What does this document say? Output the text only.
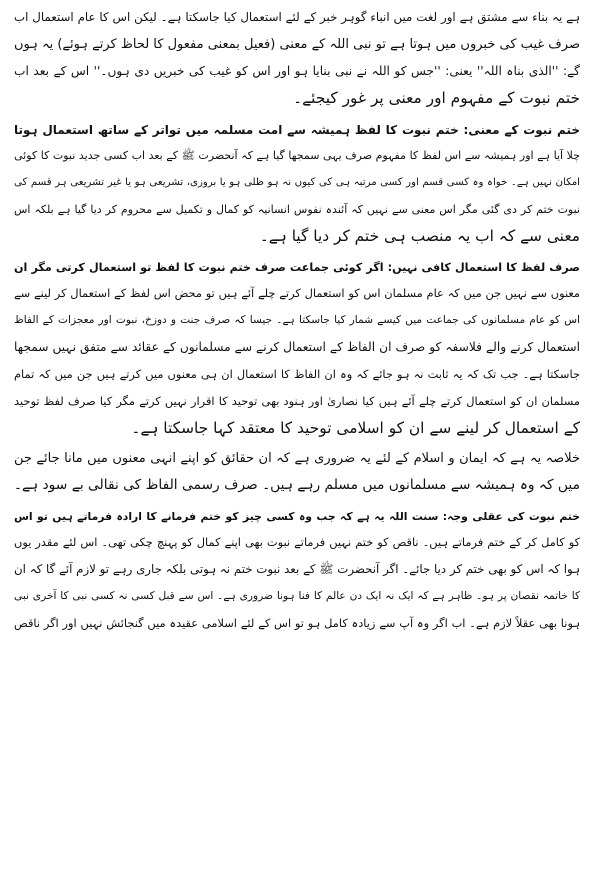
ہے یہ بناء سے مشتق ہے اور لغت میں انباء گوہر خبر کے لئے استعمال کیا جاسکتا ہے۔ لیکن اس کا عام استعمال اب
صرف غیب کی خبروں میں ہوتا ہے تو نبی اللہ کے معنی (فعیل بمعنی مفعول کا لحاظ کرتے ہوئے) یہ ہوں
گے: ''الذی بناہ اللہ'' یعنی: ''جس کو اللہ نے نبی بنایا ہو اور اس کو غیب کی خبریں دی ہوں۔'' اس کے بعد اب
ختم نبوت کے مفہوم اور معنی پر غور کیجئے۔
ختم نبوت کے معنی: ختم نبوت کا لفظ ہمیشہ سے امت مسلمہ میں تواتر کے ساتھ استعمال ہوتا
چلا آیا ہے اور ہمیشہ سے اس لفظ کا مفہوم صرف یہی سمجھا گیا ہے کہ آنحضرت ﷺ کے بعد اب کسی جدید نبوت کا کوئی
امکان نہیں ہے۔ خواہ وہ کسی قسم اور کسی مرتبہ ہی کی کیوں نہ ہو ظلی ہو یا بروزی، تشریعی ہو یا غیر تشریعی ہر قسم کی
نبوت ختم کر دی گئی مگر اس معنی سے نہیں کہ آئندہ نفوس انسانیہ کو کمال و تکمیل سے محروم کر دیا گیا ہے بلکہ اس
معنی سے کہ اب یہ منصب ہی ختم کر دیا گیا ہے۔
صرف لفظ کا استعمال کافی نہیں: اگر کوئی جماعت صرف ختم نبوت کا لفظ تو استعمال کرتی مگر ان
معنوں سے نہیں جن میں کہ عام مسلمان اس کو استعمال کرتے چلے آئے ہیں تو محض اس لفظ کے استعمال کر لینے سے
اس کو عام مسلمانوں کی جماعت میں کیسے شمار کیا جاسکتا ہے۔ جیسا کہ صرف جنت و دوزخ، نبوت اور معجزات کے الفاظ
استعمال کرنے والے فلاسفہ کو صرف ان الفاظ کے استعمال کرنے سے مسلمانوں کے عقائد سے متفق نہیں سمجھا
جاسکتا ہے۔ جب تک کہ یہ ثابت نہ ہو جائے کہ وہ ان الفاظ کا استعمال ان ہی معنوں میں کرتے ہیں جن میں کہ تمام
مسلمان ان کو استعمال کرتے چلے آئے ہیں کیا نصاریٰ اور ہنود بھی توحید کا اقرار نہیں کرتے مگر کیا صرف لفظ توحید
کے استعمال کر لینے سے ان کو اسلامی توحید کا معتقد کہا جاسکتا ہے۔
خلاصہ یہ ہے کہ ایمان و اسلام کے لئے یہ ضروری ہے کہ ان حقائق کو اپنے انہی معنوں میں مانا جائے جن
میں کہ وہ ہمیشہ سے مسلمانوں میں مسلم رہے ہیں۔ صرف رسمی الفاظ کی نقالی بے سود ہے۔
ختم نبوت کی عقلی وجہ: سنت اللہ یہ ہے کہ جب وہ کسی چیز کو ختم فرمانے کا ارادہ فرماتے ہیں تو اس
کو کامل کر کے ختم فرماتے ہیں۔ ناقص کو ختم نہیں فرماتے نبوت بھی اپنے کمال کو پہنچ چکی تھی۔ اس لئے مقدر یوں
ہوا کہ اس کو بھی ختم کر دیا جائے۔ اگر آنحضرت ﷺ کے بعد نبوت ختم نہ ہوتی بلکہ جاری رہے تو لازم آئے گا کہ ان
کا خاتمہ نقصان پر ہو۔ ظاہر ہے کہ ایک نہ ایک دن عالم کا فنا ہونا ضروری ہے۔ اس سے قبل کسی نہ کسی نبی کا آخری نبی
ہونا بھی عقلاً لازم ہے۔ اب اگر وہ آپ سے زیادہ کامل ہو تو اس کے لئے اسلامی عقیدہ میں گنجائش نہیں اور اگر ناقص
